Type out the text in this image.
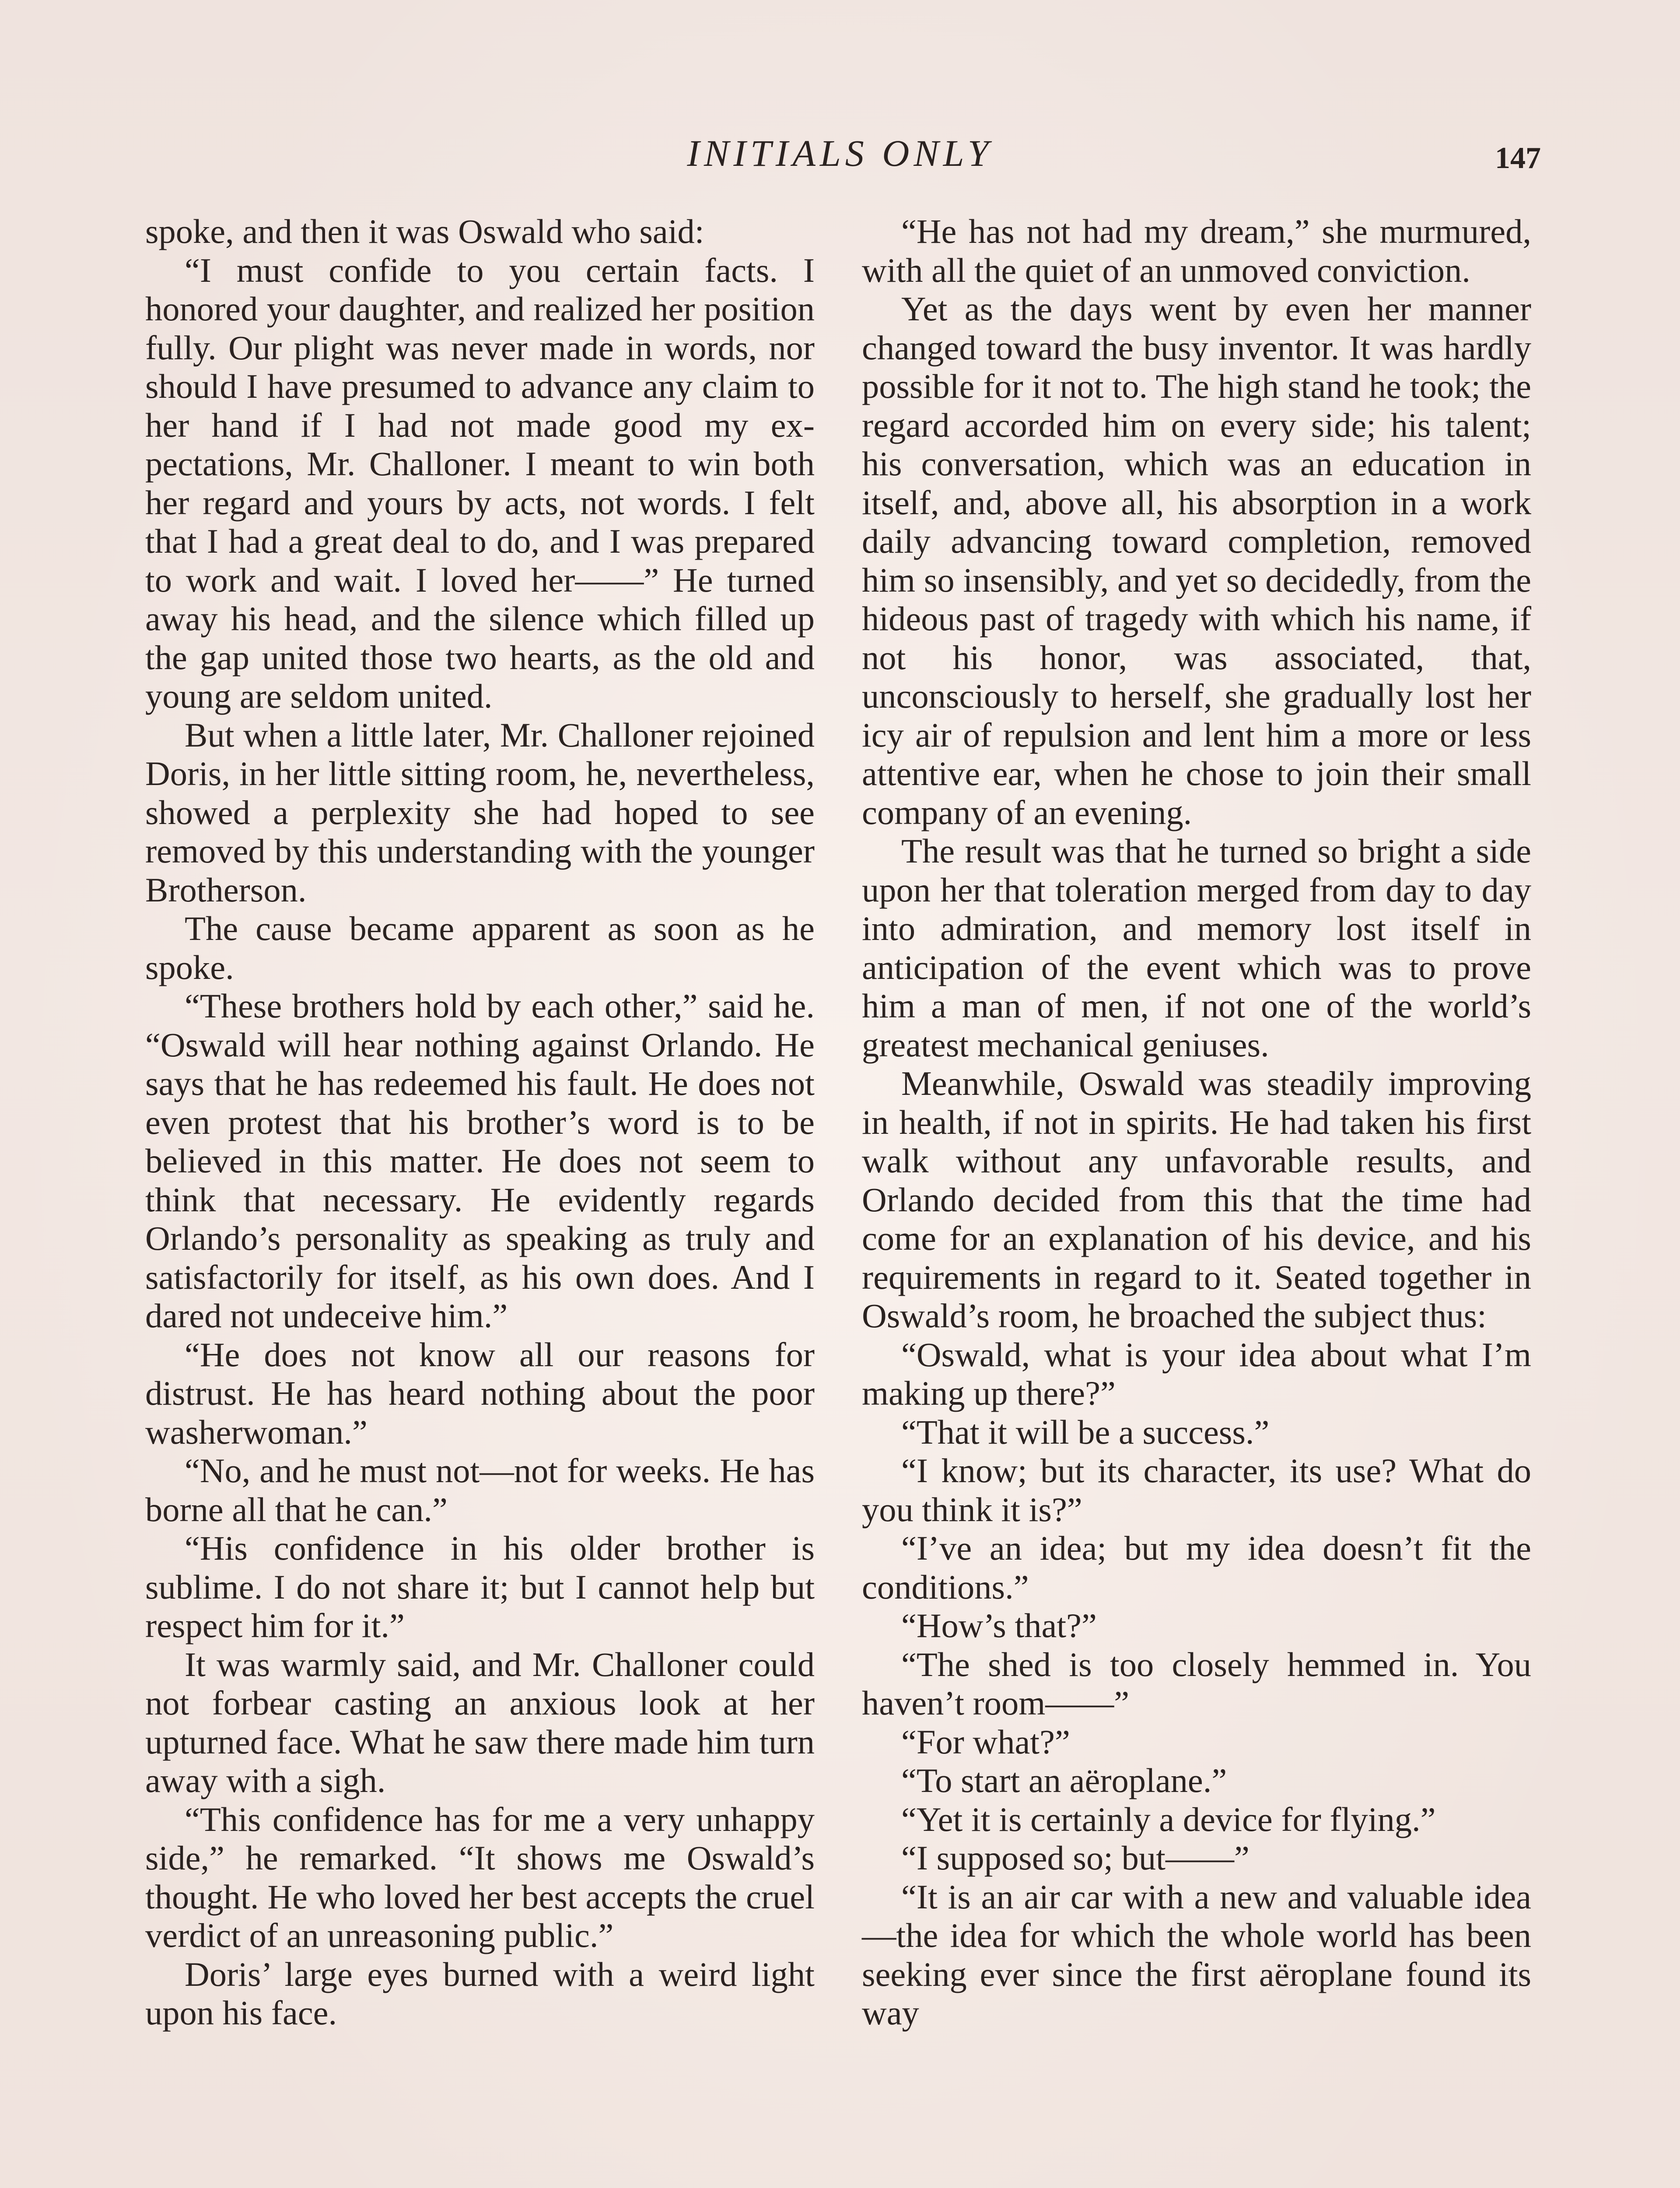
INITIALS ONLY	147

spoke, and then it was Oswald who said:

“I must confide to you certain facts. I honored your daughter, and realized her position fully. Our plight was never made in words, nor should I have presumed to advance any claim to her hand if I had not made good my expectations, Mr. Challoner. I meant to win both her regard and yours by acts, not words. I felt that I had a great deal to do, and I was prepared to work and wait. I loved her——” He turned away his head, and the silence which filled up the gap united those two hearts, as the old and young are seldom united.

But when a little later, Mr. Challoner rejoined Doris, in her little sitting room, he, nevertheless, showed a perplexity she had hoped to see removed by this understanding with the younger Brotherson.

The cause became apparent as soon as he spoke.

“These brothers hold by each other,” said he. “Oswald will hear nothing against Orlando. He says that he has redeemed his fault. He does not even protest that his brother’s word is to be believed in this matter. He does not seem to think that necessary. He evidently regards Orlando’s personality as speaking as truly and satisfactorily for itself, as his own does. And I dared not undeceive him.”

“He does not know all our reasons for distrust. He has heard nothing about the poor washerwoman.”

“No, and he must not—not for weeks. He has borne all that he can.”

“His confidence in his older brother is sublime. I do not share it; but I cannot help but respect him for it.”

It was warmly said, and Mr. Challoner could not forbear casting an anxious look at her upturned face. What he saw there made him turn away with a sigh.

“This confidence has for me a very unhappy side,” he remarked. “It shows me Oswald’s thought. He who loved her best accepts the cruel verdict of an unreasoning public.”

Doris’ large eyes burned with a weird light upon his face.

“He has not had my dream,” she murmured, with all the quiet of an unmoved conviction.

Yet as the days went by even her manner changed toward the busy inventor. It was hardly possible for it not to. The high stand he took; the regard accorded him on every side; his talent; his conversation, which was an education in itself, and, above all, his absorption in a work daily advancing toward completion, removed him so insensibly, and yet so decidedly, from the hideous past of tragedy with which his name, if not his honor, was associated, that, unconsciously to herself, she gradually lost her icy air of repulsion and lent him a more or less attentive ear, when he chose to join their small company of an evening.

The result was that he turned so bright a side upon her that toleration merged from day to day into admiration, and memory lost itself in anticipation of the event which was to prove him a man of men, if not one of the world’s greatest mechanical geniuses.

Meanwhile, Oswald was steadily improving in health, if not in spirits. He had taken his first walk without any unfavorable results, and Orlando decided from this that the time had come for an explanation of his device, and his requirements in regard to it. Seated together in Oswald’s room, he broached the subject thus:

“Oswald, what is your idea about what I’m making up there?”

“That it will be a success.”

“I know; but its character, its use? What do you think it is?”

“I’ve an idea; but my idea doesn’t fit the conditions.”

“How’s that?”

“The shed is too closely hemmed in. You haven’t room——”

“For what?”

“To start an aëroplane.”

“Yet it is certainly a device for flying.”

“I supposed so; but——”

“It is an air car with a new and valuable idea—the idea for which the whole world has been seeking ever since the first aëroplane found its way
